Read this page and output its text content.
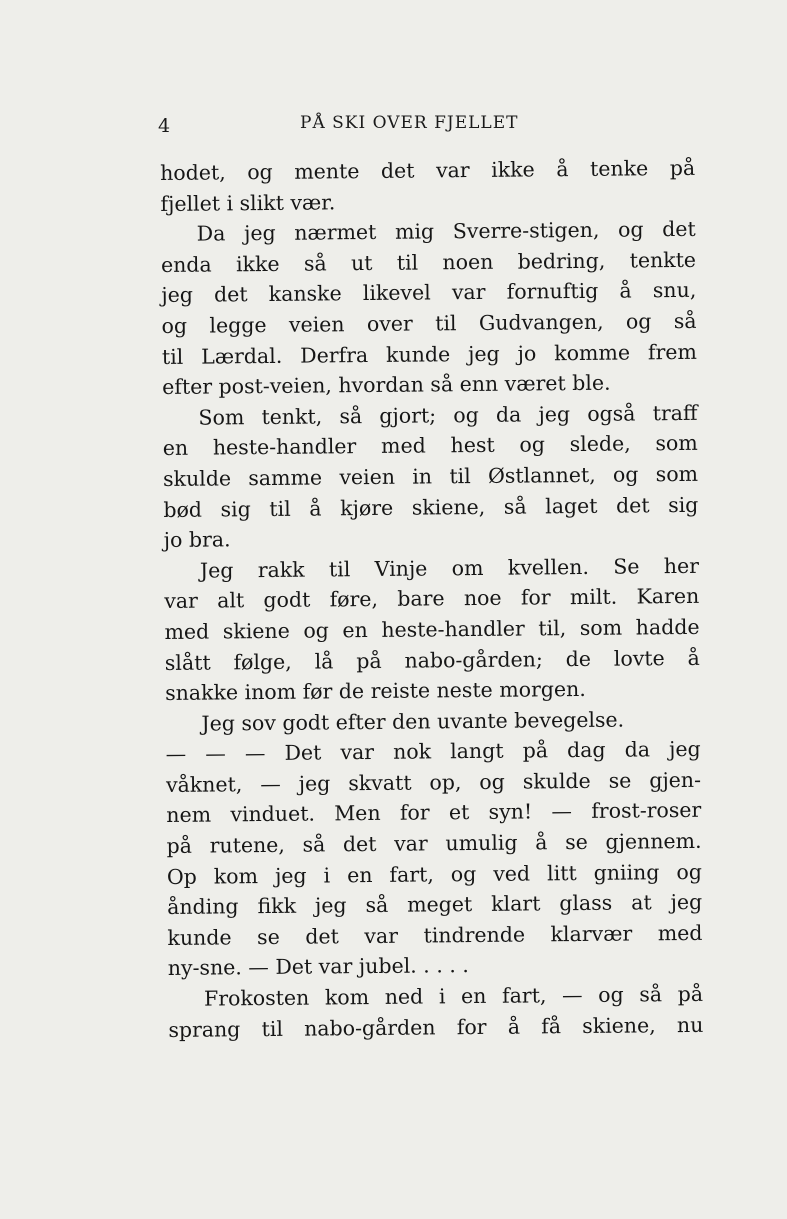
4	PÅ SKI OVER FJELLET
hodet, og mente det var ikke å tenke på
fjellet i slikt vær.
Da jeg nærmet mig Sverre-stigen, og det
enda ikke så ut til noen bedring, tenkte
jeg det kanske likevel var fornuftig å snu,
og legge veien over til Gudvangen, og så
til Lærdal. Derfra kunde jeg jo komme frem
efter post-veien, hvordan så enn været ble.
Som tenkt, så gjort; og da jeg også traff
en heste-handler med hest og slede, som
skulde samme veien in til Østlannet, og som
bød sig til å kjøre skiene, så laget det sig
jo bra.
Jeg rakk til Vinje om kvellen. Se her
var alt godt føre, bare noe for milt. Karen
med skiene og en heste-handler til, som hadde
slått følge, lå på nabo-gården; de lovte å
snakke inom før de reiste neste morgen.
Jeg sov godt efter den uvante bevegelse.
— — — Det var nok langt på dag da jeg
våknet, — jeg skvatt op, og skulde se gjen-
nem vinduet. Men for et syn! — frost-roser
på rutene, så det var umulig å se gjennem.
Op kom jeg i en fart, og ved litt gniing og
ånding fikk jeg så meget klart glass at jeg
kunde se det var tindrende klarvær med
ny-sne. — Det var jubel. . . . .
Frokosten kom ned i en fart, — og så på
sprang til nabo-gården for å få skiene, nu
